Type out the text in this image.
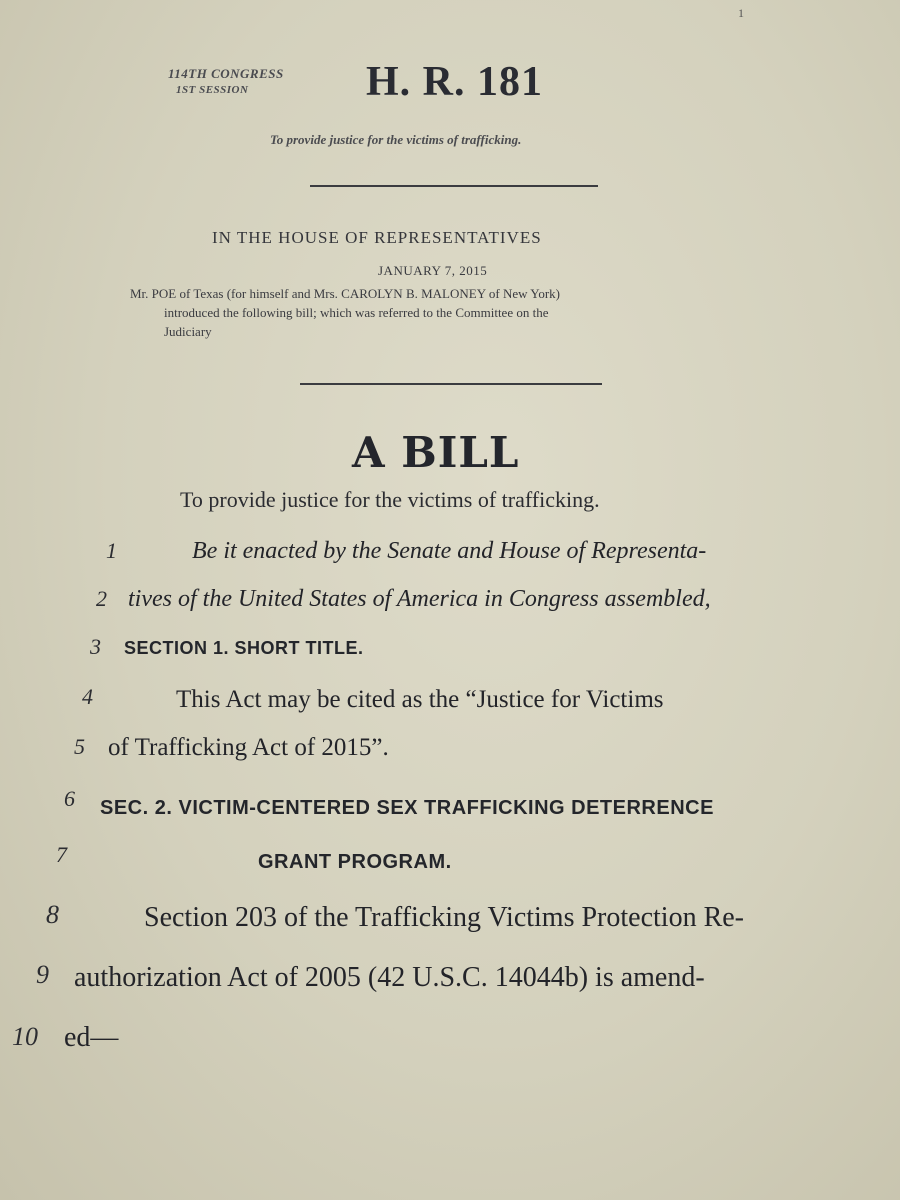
1
114TH CONGRESS
1ST SESSION	H. R. 181
To provide justice for the victims of trafficking.
IN THE HOUSE OF REPRESENTATIVES
JANUARY 7, 2015
Mr. POE of Texas (for himself and Mrs. CAROLYN B. MALONEY of New York)
introduced the following bill; which was referred to the Committee on the
Judiciary
A BILL
To provide justice for the victims of trafficking.
1	Be it enacted by the Senate and House of Representa-
2 tives of the United States of America in Congress assembled,
3 SECTION 1. SHORT TITLE.
4	This Act may be cited as the “Justice for Victims
5 of Trafficking Act of 2015”.
6 SEC. 2. VICTIM-CENTERED SEX TRAFFICKING DETERRENCE
7	GRANT PROGRAM.
8	Section 203 of the Trafficking Victims Protection Re-
9 authorization Act of 2005 (42 U.S.C. 14044b) is amend-
10 ed—
